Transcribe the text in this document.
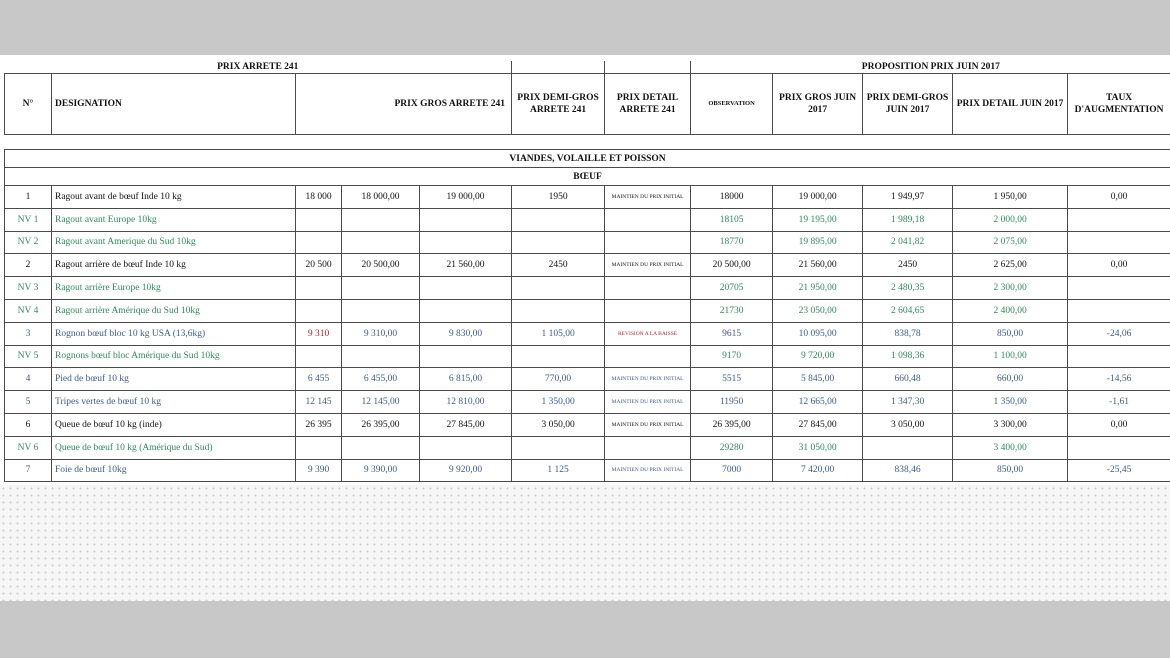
PRIX ARRETE 241							PROPOSITION PRIX JUIN 2017				
N°	DESIGNATION	PRIX GROS ARRETE 241			PRIX DEMI-GROS ARRETE 241	PRIX DETAIL ARRETE 241	OBSERVATION	PRIX GROS JUIN 2017	PRIX DEMI-GROS JUIN 2017	PRIX DETAIL JUIN 2017	TAUX D'AUGMENTATION

VIANDES, VOLAILLE ET POISSON											
BŒUF											
1	Ragout avant de bœuf Inde 10 kg	18 000	18 000,00	19 000,00	1950	MAINTIEN DU PRIX INITIAL	18000	19 000,00	1 949,97	1 950,00	0,00
NV 1	Ragout avant Europe 10kg						18105	19 195,00	1 989,18	2 000,00	
NV 2	Ragout avant Amerique du Sud 10kg						18770	19 895,00	2 041,82	2 075,00	
2	Ragout arrière de bœuf Inde 10 kg	20 500	20 500,00	21 560,00	2450	MAINTIEN DU PRIX INITIAL	20 500,00	21 560,00	2450	2 625,00	0,00
NV 3	Ragout arrière Europe 10kg						20705	21 950,00	2 480,35	2 300,00	
NV 4	Ragout arrière Amérique du Sud 10kg						21730	23 050,00	2 604,65	2 400,00	
3	Rognon bœuf bloc 10 kg USA (13,6kg)	9 310	9 310,00	9 830,00	1 105,00	REVISION A LA BAISSE	9615	10 095,00	838,78	850,00	-24,06
NV 5	Rognons bœuf bloc Amérique du Sud 10kg						9170	9 720,00	1 098,36	1 100,00	
4	Pied de bœuf 10 kg	6 455	6 455,00	6 815,00	770,00	MAINTIEN DU PRIX INITIAL	5515	5 845,00	660,48	660,00	-14,56
5	Tripes vertes de bœuf 10 kg	12 145	12 145,00	12 810,00	1 350,00	MAINTIEN DU PRIX INITIAL	11950	12 665,00	1 347,30	1 350,00	-1,61
6	Queue de bœuf 10 kg (inde)	26 395	26 395,00	27 845,00	3 050,00	MAINTIEN DU PRIX INITIAL	26 395,00	27 845,00	3 050,00	3 300,00	0,00
NV 6	Queue de bœuf 10 kg (Amérique du Sud)						29280	31 050,00		3 400,00	
7	Foie de bœuf 10kg	9 390	9 390,00	9 920,00	1 125	MAINTIEN DU PRIX INITIAL	7000	7 420,00	838,46	850,00	-25,45
